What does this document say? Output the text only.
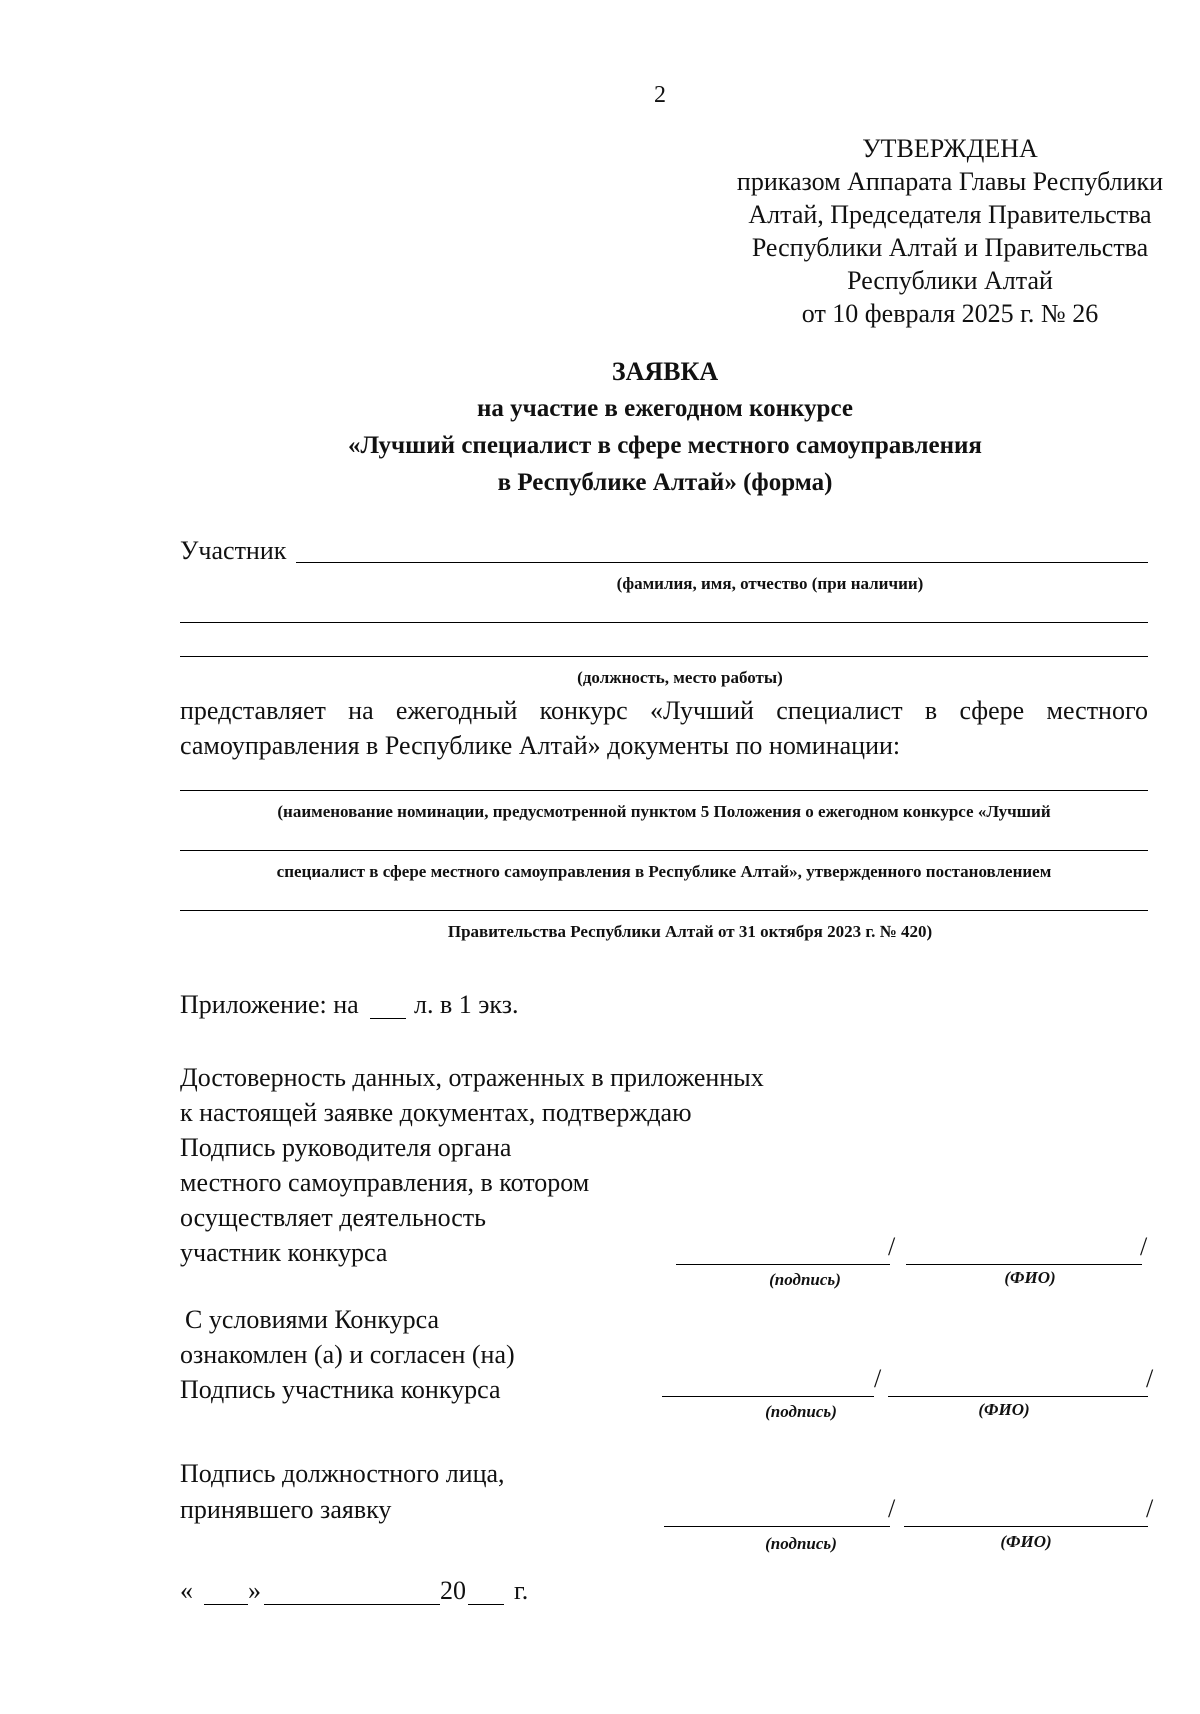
2
УТВЕРЖДЕНА
приказом Аппарата Главы Республики
Алтай, Председателя Правительства
Республики Алтай и Правительства
Республики Алтай
от 10 февраля 2025 г. № 26
ЗАЯВКА
на участие в ежегодном конкурсе
«Лучший специалист в сфере местного самоуправления
в Республике Алтай» (форма)
Участник
(фамилия, имя, отчество (при наличии)
(должность, место работы)
представляет на ежегодный конкурс «Лучший специалист в сфере местного
самоуправления в Республике Алтай» документы по номинации:
(наименование номинации, предусмотренной пунктом 5 Положения о ежегодном конкурсе «Лучший
специалист в сфере местного самоуправления в Республике Алтай», утвержденного постановлением
Правительства Республики Алтай от 31 октября 2023 г. № 420)
Приложение: на л. в 1 экз.
Достоверность данных, отраженных в приложенных
к настоящей заявке документах, подтверждаю
Подпись руководителя органа
местного самоуправления, в котором
осуществляет деятельность
участник конкурса	/	/
(подпись)	(ФИО)
С условиями Конкурса
ознакомлен (а) и согласен (на)
Подпись участника конкурса	/	/
(подпись)	(ФИО)
Подпись должностного лица,
принявшего заявку	/	/
(подпись)	(ФИО)
« »	20 г.
